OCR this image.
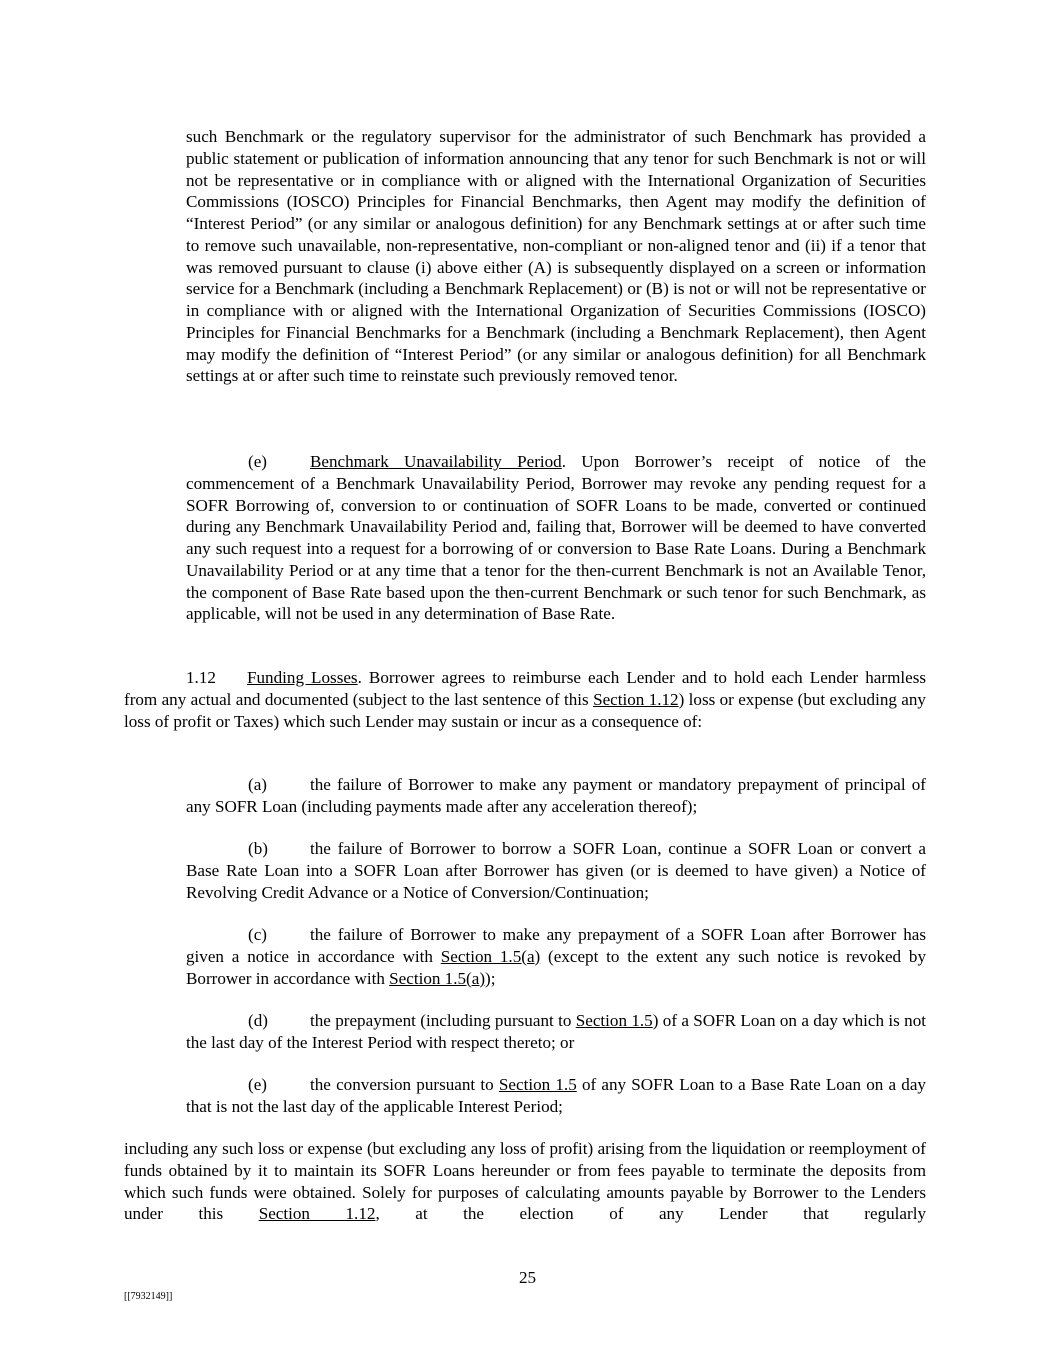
such Benchmark or the regulatory supervisor for the administrator of such Benchmark has provided a public statement or publication of information announcing that any tenor for such Benchmark is not or will not be representative or in compliance with or aligned with the International Organization of Securities Commissions (IOSCO) Principles for Financial Benchmarks, then Agent may modify the definition of “Interest Period” (or any similar or analogous definition) for any Benchmark settings at or after such time to remove such unavailable, non-representative, non-compliant or non-aligned tenor and (ii) if a tenor that was removed pursuant to clause (i) above either (A) is subsequently displayed on a screen or information service for a Benchmark (including a Benchmark Replacement) or (B) is not or will not be representative or in compliance with or aligned with the International Organization of Securities Commissions (IOSCO) Principles for Financial Benchmarks for a Benchmark (including a Benchmark Replacement), then Agent may modify the definition of “Interest Period” (or any similar or analogous definition) for all Benchmark settings at or after such time to reinstate such previously removed tenor.

(e)	Benchmark Unavailability Period. Upon Borrower’s receipt of notice of the commencement of a Benchmark Unavailability Period, Borrower may revoke any pending request for a SOFR Borrowing of, conversion to or continuation of SOFR Loans to be made, converted or continued during any Benchmark Unavailability Period and, failing that, Borrower will be deemed to have converted any such request into a request for a borrowing of or conversion to Base Rate Loans. During a Benchmark Unavailability Period or at any time that a tenor for the then-current Benchmark is not an Available Tenor, the component of Base Rate based upon the then-current Benchmark or such tenor for such Benchmark, as applicable, will not be used in any determination of Base Rate.

1.12 Funding Losses. Borrower agrees to reimburse each Lender and to hold each Lender harmless from any actual and documented (subject to the last sentence of this Section 1.12) loss or expense (but excluding any loss of profit or Taxes) which such Lender may sustain or incur as a consequence of:

(a)	the failure of Borrower to make any payment or mandatory prepayment of principal of any SOFR Loan (including payments made after any acceleration thereof);

(b) the failure of Borrower to borrow a SOFR Loan, continue a SOFR Loan or convert a Base Rate Loan into a SOFR Loan after Borrower has given (or is deemed to have given) a Notice of Revolving Credit Advance or a Notice of Conversion/Continuation;

(c)	the failure of Borrower to make any prepayment of a SOFR Loan after Borrower has given a notice in accordance with Section 1.5(a) (except to the extent any such notice is revoked by Borrower in accordance with Section 1.5(a));

(d) the prepayment (including pursuant to Section 1.5) of a SOFR Loan on a day which is not the last day of the Interest Period with respect thereto; or

(e)	the conversion pursuant to Section 1.5 of any SOFR Loan to a Base Rate Loan on a day that is not the last day of the applicable Interest Period;

including any such loss or expense (but excluding any loss of profit) arising from the liquidation or reemployment of funds obtained by it to maintain its SOFR Loans hereunder or from fees payable to terminate the deposits from which such funds were obtained. Solely for purposes of calculating amounts payable by Borrower to the Lenders under this Section 1.12, at the election of any Lender that regularly

25
[[7932149]]
